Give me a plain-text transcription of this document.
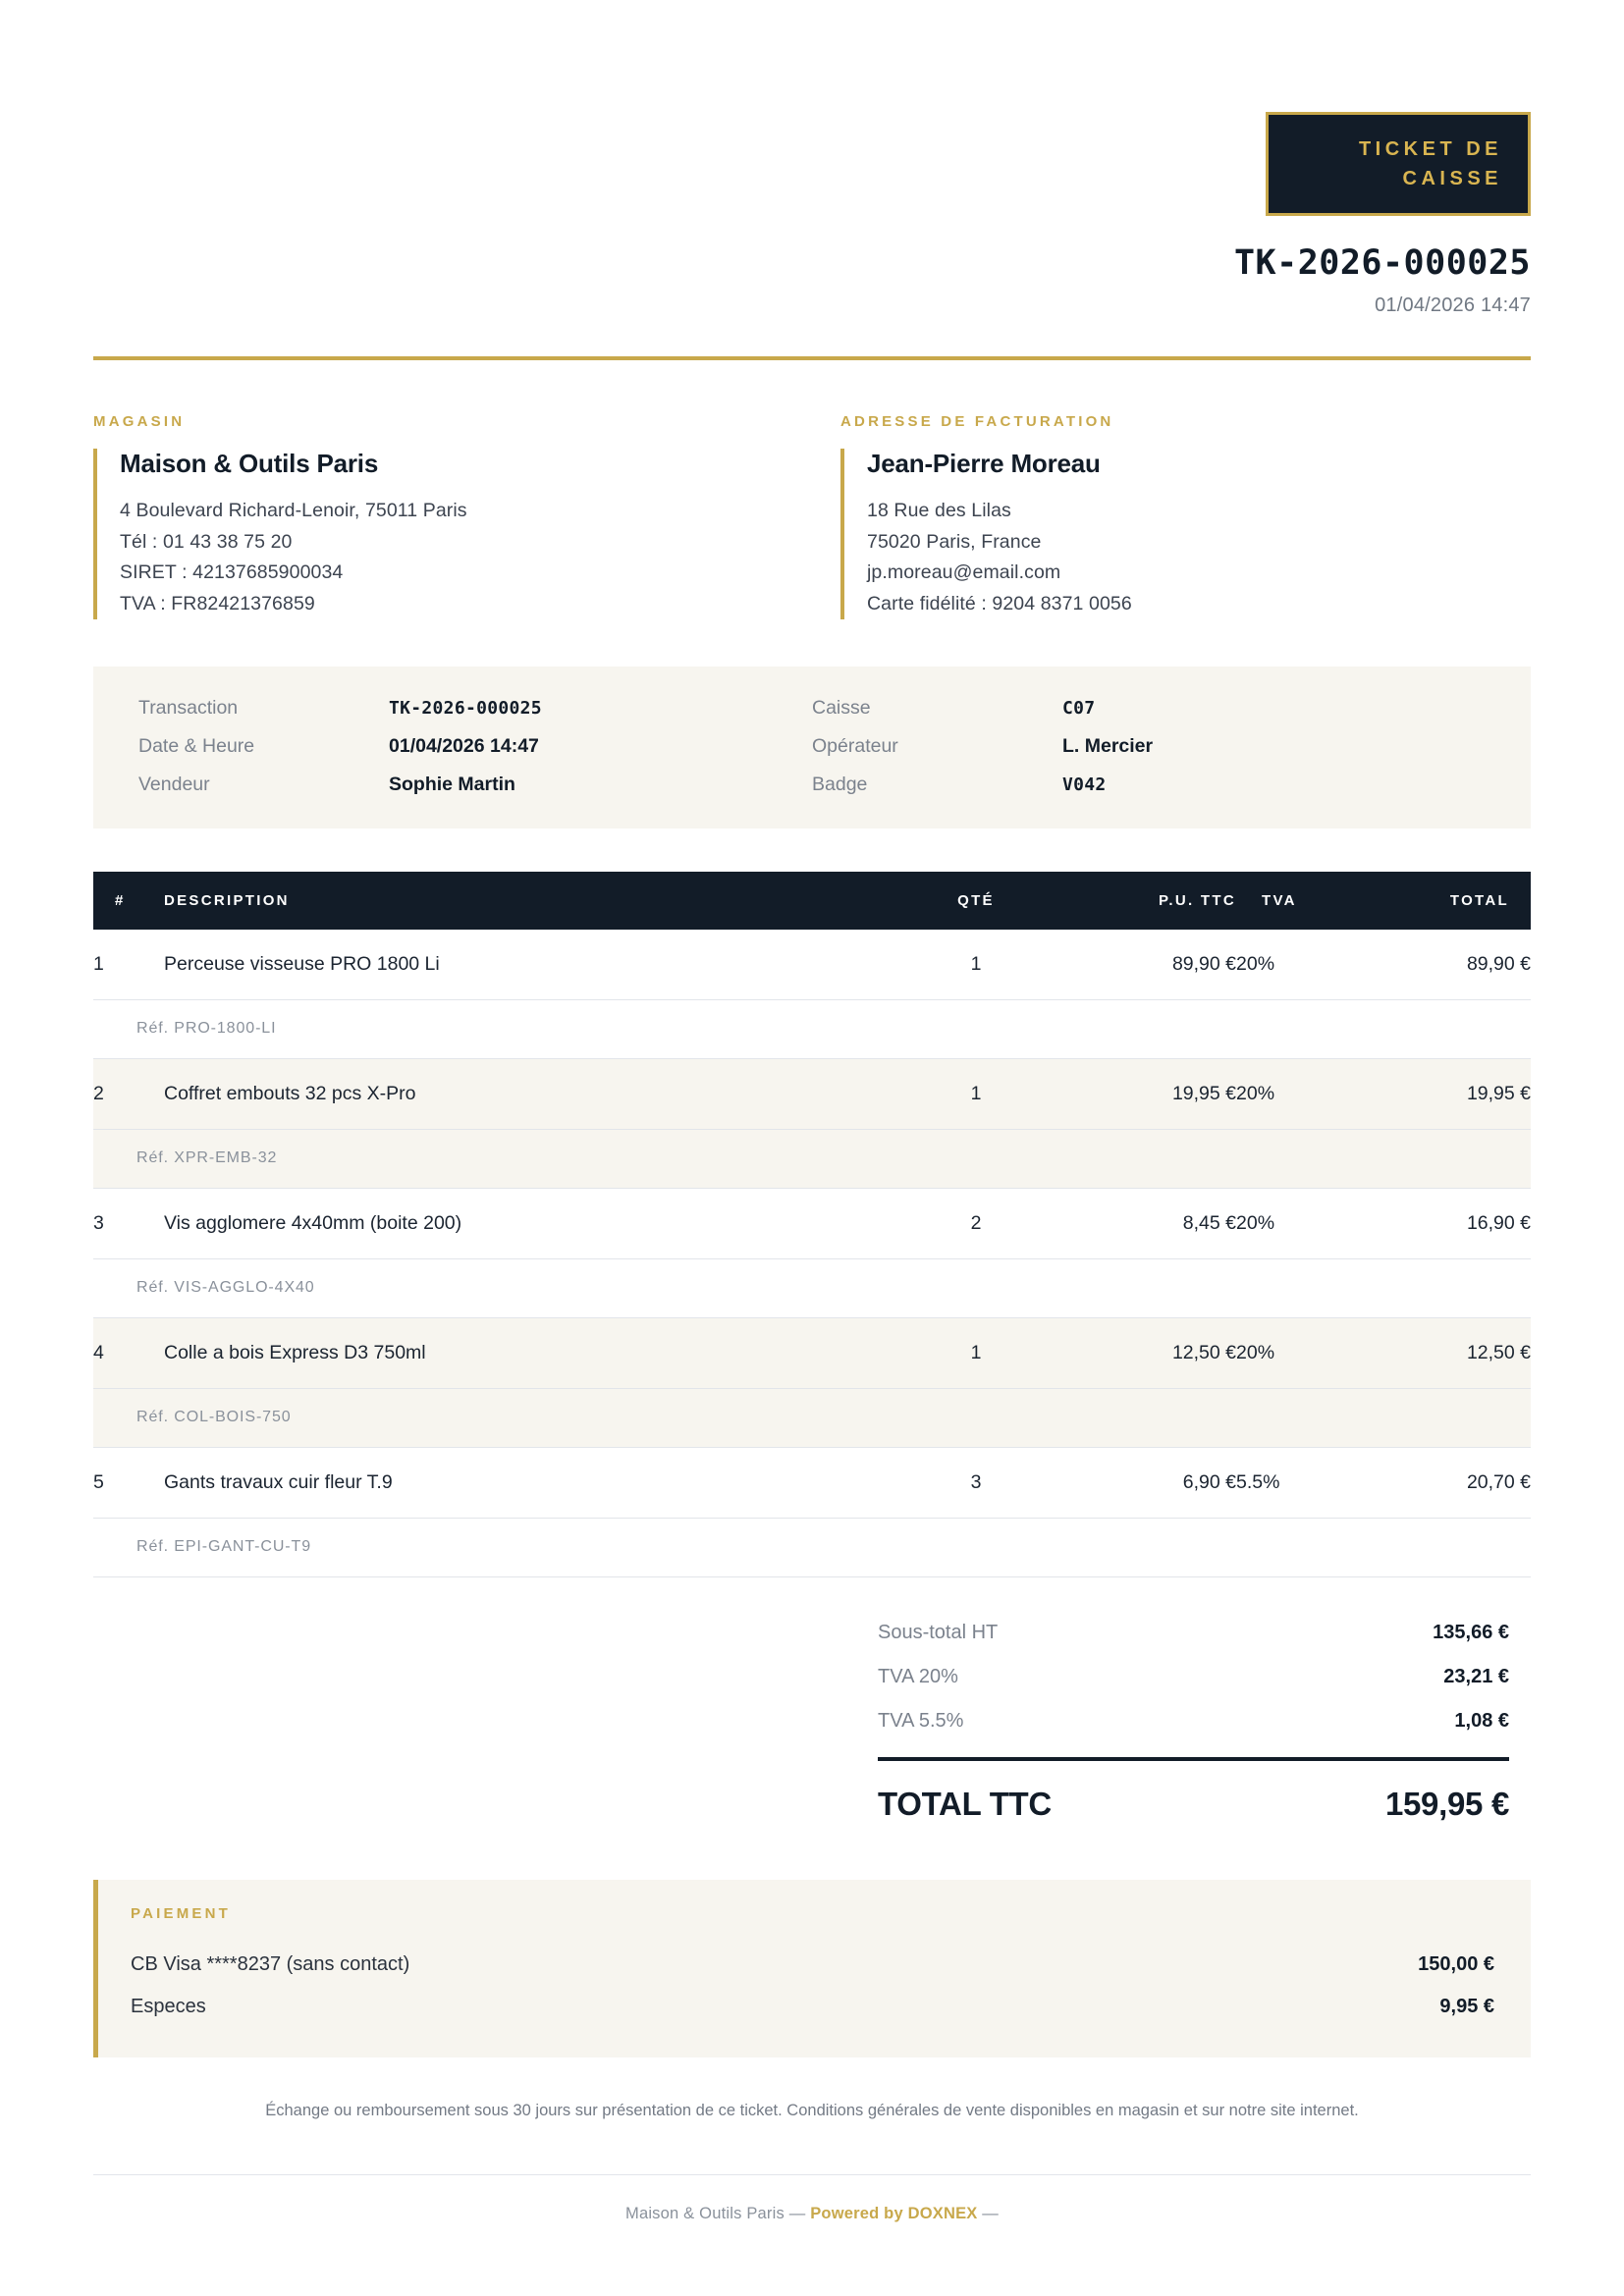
TICKET DE CAISSE
TK-2026-000025
01/04/2026 14:47
MAGASIN
Maison & Outils Paris
4 Boulevard Richard-Lenoir, 75011 Paris
Tél : 01 43 38 75 20
SIRET : 42137685900034
TVA : FR82421376859
ADRESSE DE FACTURATION
Jean-Pierre Moreau
18 Rue des Lilas
75020 Paris, France
jp.moreau@email.com
Carte fidélité : 9204 8371 0056
Transaction	TK-2026-000025
Date & Heure	01/04/2026 14:47
Vendeur	Sophie Martin
Caisse	C07
Opérateur	L. Mercier
Badge	V042
#	DESCRIPTION	QTÉ	P.U. TTC	TVA	TOTAL
1	Perceuse visseuse PRO 1800 Li	1	89,90 €	20%	89,90 €
Réf. PRO-1800-LI					
2	Coffret embouts 32 pcs X-Pro	1	19,95 €	20%	19,95 €
Réf. XPR-EMB-32					
3	Vis agglomere 4x40mm (boite 200)	2	8,45 €	20%	16,90 €
Réf. VIS-AGGLO-4X40					
4	Colle a bois Express D3 750ml	1	12,50 €	20%	12,50 €
Réf. COL-BOIS-750					
5	Gants travaux cuir fleur T.9	3	6,90 €	5.5%	20,70 €
Réf. EPI-GANT-CU-T9					
Sous-total HT	135,66 €
TVA 20%	23,21 €
TVA 5.5%	1,08 €
TOTAL TTC	159,95 €
PAIEMENT
CB Visa ****8237 (sans contact)	150,00 €
Especes	9,95 €
Échange ou remboursement sous 30 jours sur présentation de ce ticket. Conditions générales de vente disponibles en magasin et sur notre site internet.
Maison & Outils Paris — Powered by DOXNEX —
